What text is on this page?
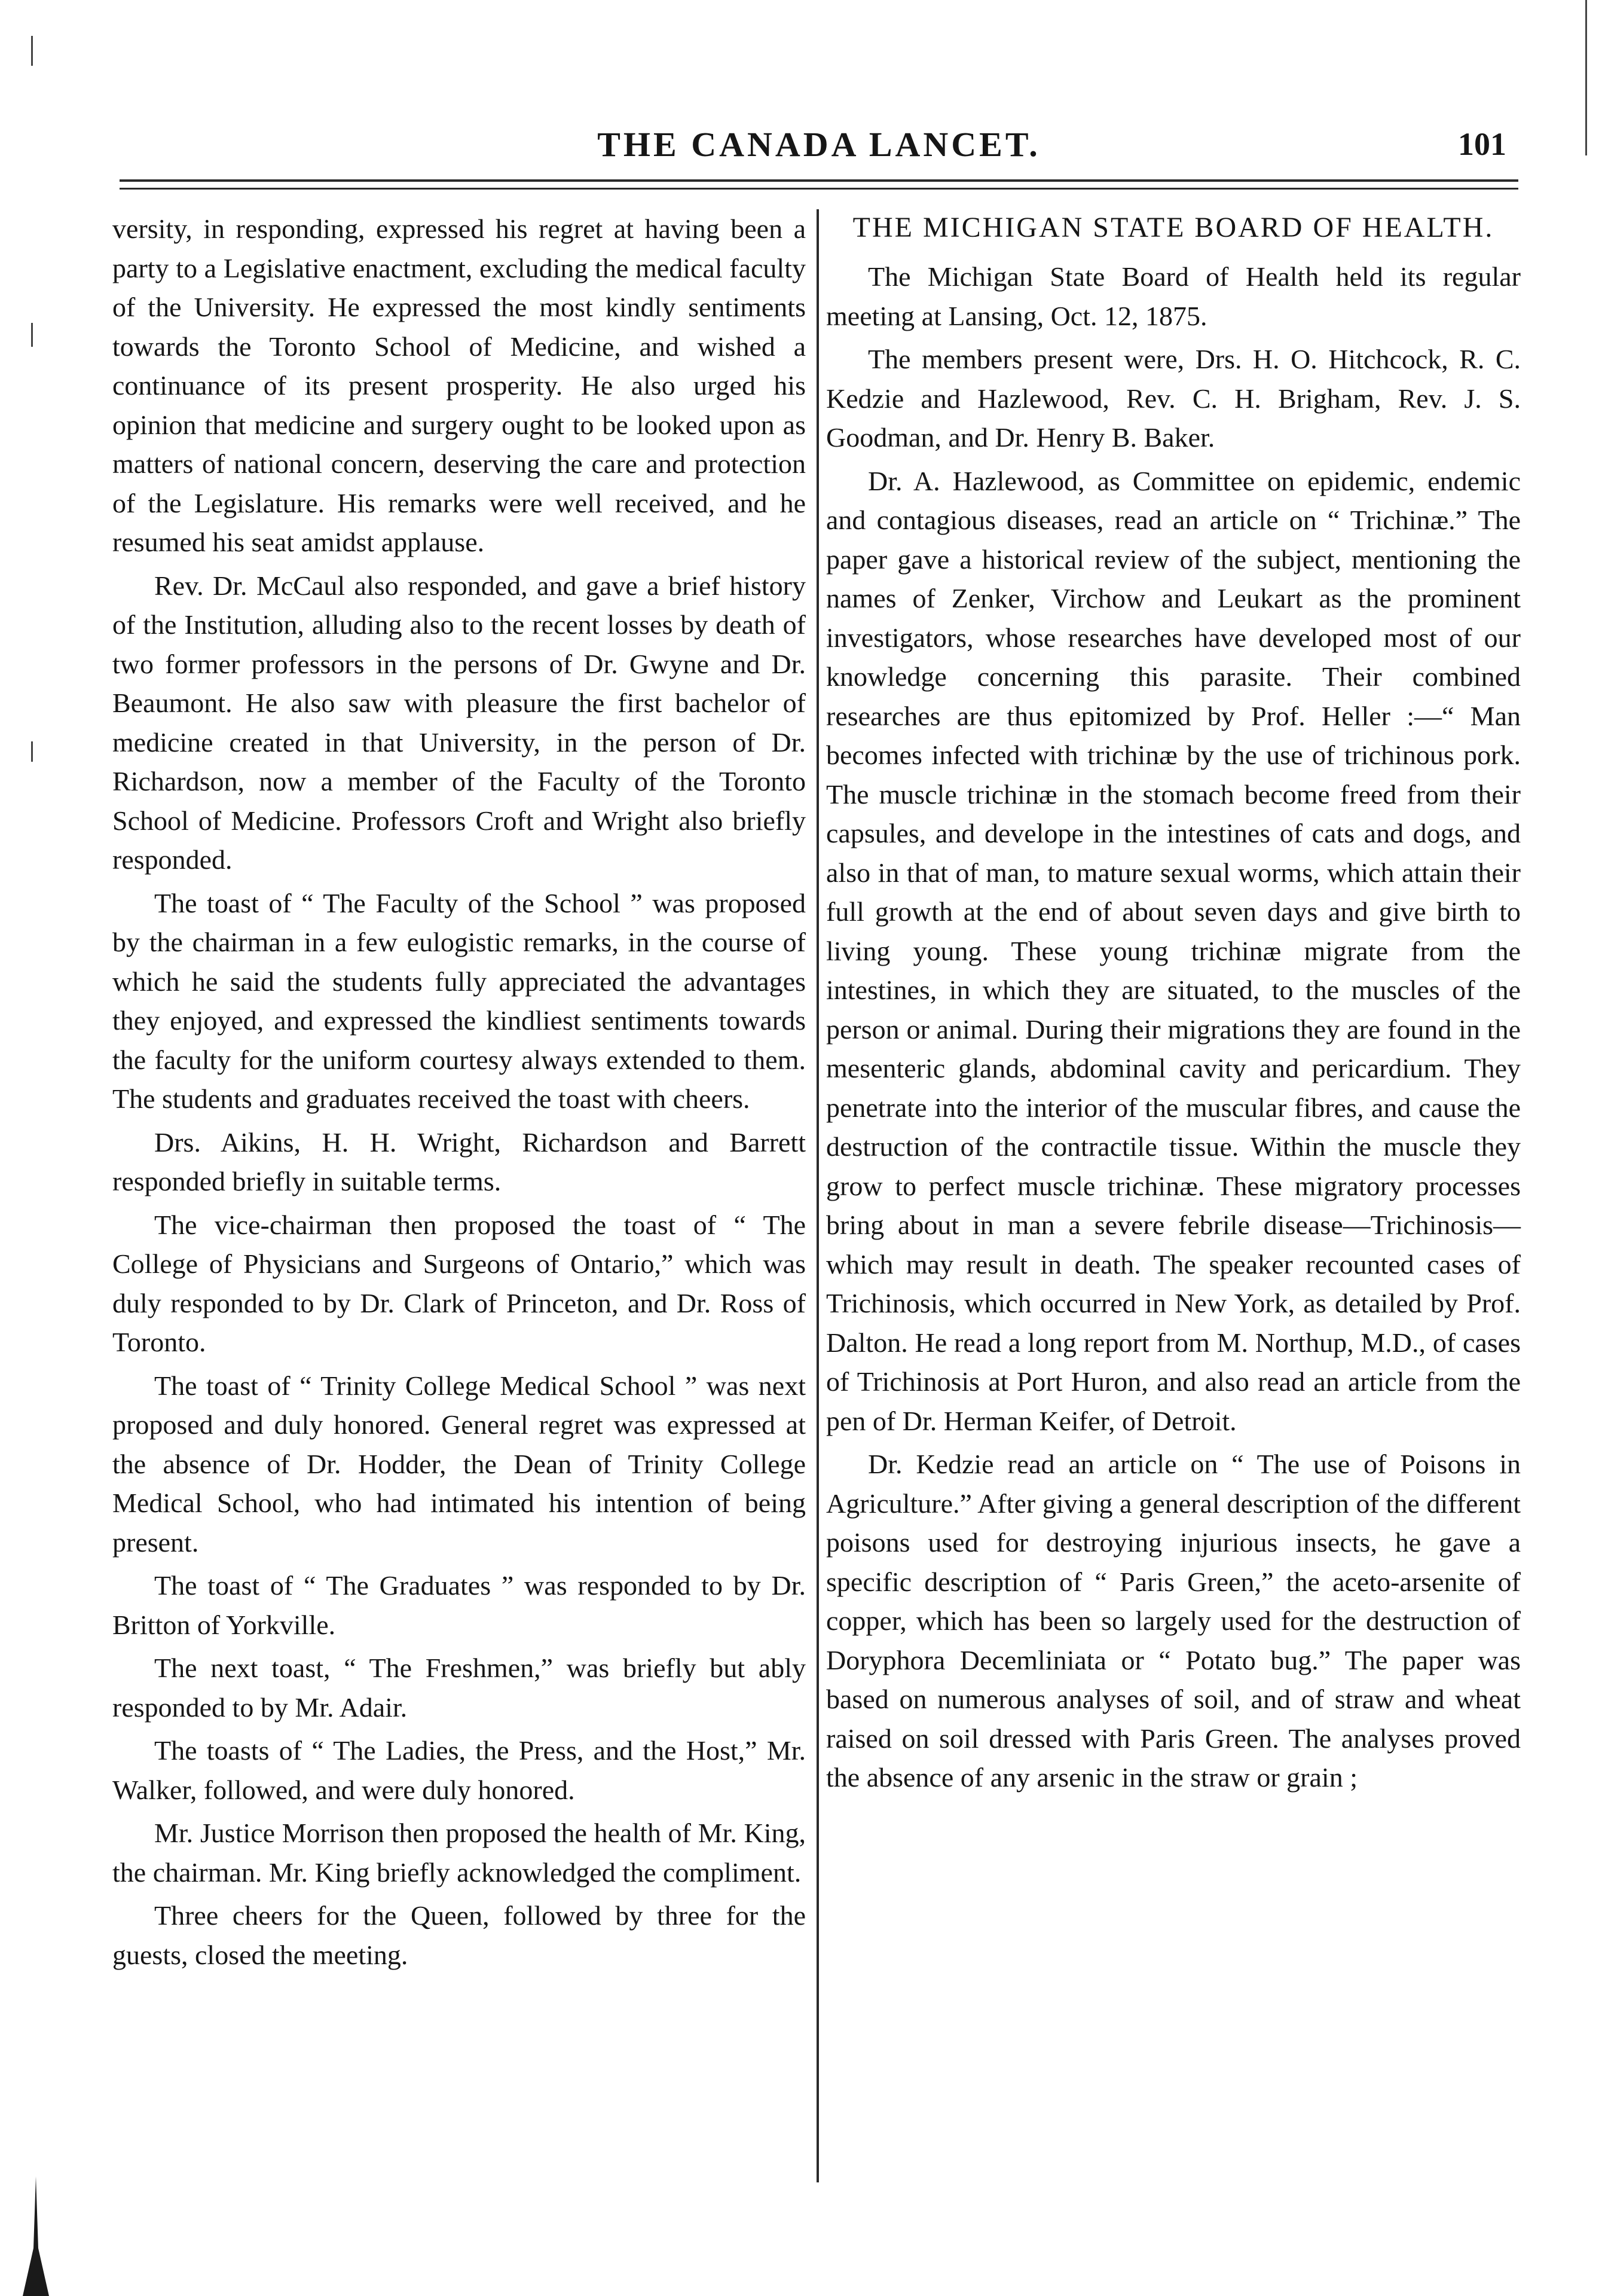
THE CANADA LANCET.	101

versity, in responding, expressed his regret at having been a party to a Legislative enactment, excluding the medical faculty of the University. He expressed the most kindly sentiments towards the Toronto School of Medicine, and wished a continuance of its present prosperity. He also urged his opinion that medicine and surgery ought to be looked upon as matters of national concern, deserving the care and protection of the Legislature. His remarks were well received, and he resumed his seat amidst applause.

Rev. Dr. McCaul also responded, and gave a brief history of the Institution, alluding also to the recent losses by death of two former professors in the persons of Dr. Gwyne and Dr. Beaumont. He also saw with pleasure the first bachelor of medicine created in that University, in the person of Dr. Richardson, now a member of the Faculty of the Toronto School of Medicine. Professors Croft and Wright also briefly responded.

The toast of “ The Faculty of the School ” was proposed by the chairman in a few eulogistic remarks, in the course of which he said the students fully appreciated the advantages they enjoyed, and expressed the kindliest sentiments towards the faculty for the uniform courtesy always extended to them. The students and graduates received the toast with cheers.

Drs. Aikins, H. H. Wright, Richardson and Barrett responded briefly in suitable terms.

The vice-chairman then proposed the toast of “ The College of Physicians and Surgeons of Ontario,” which was duly responded to by Dr. Clark of Princeton, and Dr. Ross of Toronto.

The toast of “ Trinity College Medical School ” was next proposed and duly honored. General regret was expressed at the absence of Dr. Hodder, the Dean of Trinity College Medical School, who had intimated his intention of being present.

The toast of “ The Graduates ” was responded to by Dr. Britton of Yorkville.

The next toast, “ The Freshmen,” was briefly but ably responded to by Mr. Adair.

The toasts of “ The Ladies, the Press, and the Host,” Mr. Walker, followed, and were duly honored.

Mr. Justice Morrison then proposed the health of Mr. King, the chairman. Mr. King briefly acknowledged the compliment.

Three cheers for the Queen, followed by three for the guests, closed the meeting.

THE MICHIGAN STATE BOARD OF HEALTH.

The Michigan State Board of Health held its regular meeting at Lansing, Oct. 12, 1875.

The members present were, Drs. H. O. Hitchcock, R. C. Kedzie and Hazlewood, Rev. C. H. Brigham, Rev. J. S. Goodman, and Dr. Henry B. Baker.

Dr. A. Hazlewood, as Committee on epidemic, endemic and contagious diseases, read an article on “ Trichinæ.” The paper gave a historical review of the subject, mentioning the names of Zenker, Virchow and Leukart as the prominent investigators, whose researches have developed most of our knowledge concerning this parasite. Their combined researches are thus epitomized by Prof. Heller :—“ Man becomes infected with trichinæ by the use of trichinous pork. The muscle trichinæ in the stomach become freed from their capsules, and develope in the intestines of cats and dogs, and also in that of man, to mature sexual worms, which attain their full growth at the end of about seven days and give birth to living young. These young trichinæ migrate from the intestines, in which they are situated, to the muscles of the person or animal. During their migrations they are found in the mesenteric glands, abdominal cavity and pericardium. They penetrate into the interior of the muscular fibres, and cause the destruction of the contractile tissue. Within the muscle they grow to perfect muscle trichinæ. These migratory processes bring about in man a severe febrile disease—Trichinosis—which may result in death. The speaker recounted cases of Trichinosis, which occurred in New York, as detailed by Prof. Dalton. He read a long report from M. Northup, M.D., of cases of Trichinosis at Port Huron, and also read an article from the pen of Dr. Herman Keifer, of Detroit.

Dr. Kedzie read an article on “ The use of Poisons in Agriculture.” After giving a general description of the different poisons used for destroying injurious insects, he gave a specific description of “ Paris Green,” the aceto-arsenite of copper, which has been so largely used for the destruction of Doryphora Decemliniata or “ Potato bug.” The paper was based on numerous analyses of soil, and of straw and wheat raised on soil dressed with Paris Green. The analyses proved the absence of any arsenic in the straw or grain ;
